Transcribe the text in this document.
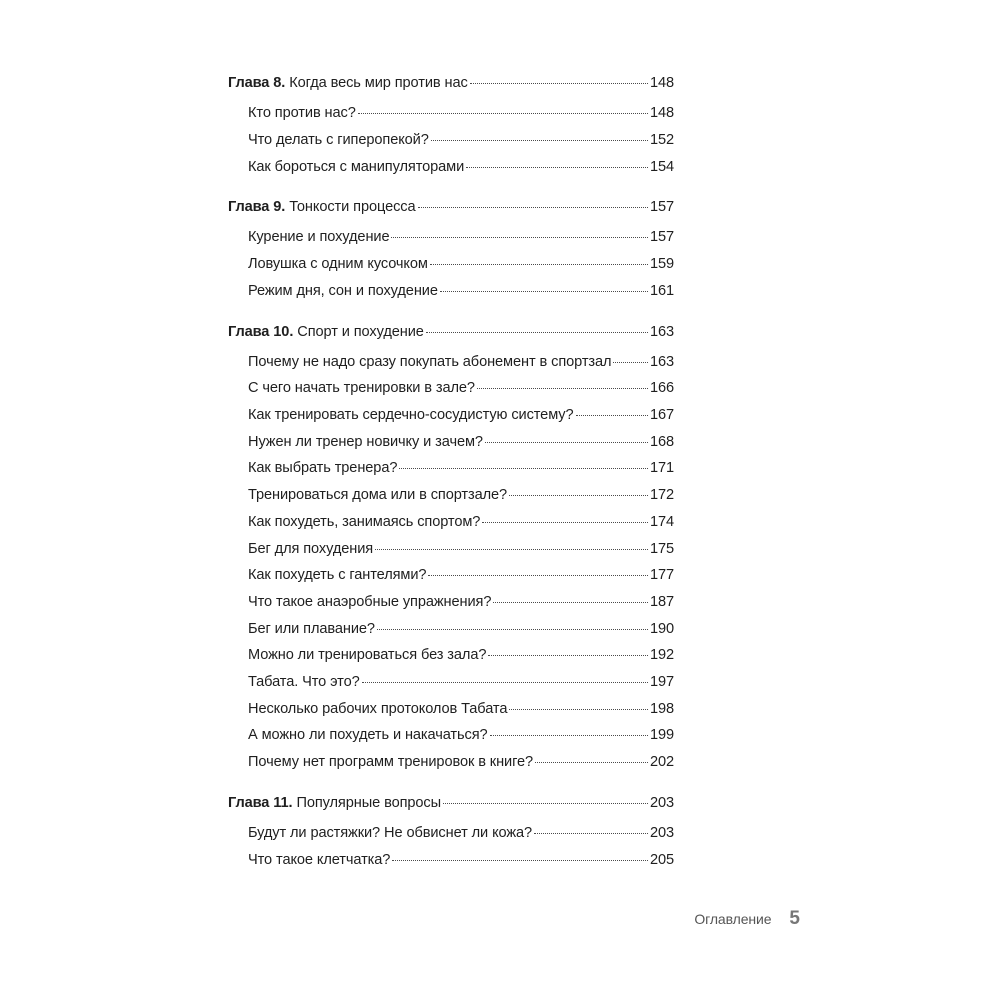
Глава 8. Когда весь мир против нас	148
Кто против нас?	148
Что делать с гиперопекой?	152
Как бороться с манипуляторами	154
Глава 9. Тонкости процесса	157
Курение и похудение	157
Ловушка с одним кусочком	159
Режим дня, сон и похудение	161
Глава 10. Спорт и похудение	163
Почему не надо сразу покупать абонемент в спортзал	163
С чего начать тренировки в зале?	166
Как тренировать сердечно-сосудистую систему?	167
Нужен ли тренер новичку и зачем?	168
Как выбрать тренера?	171
Тренироваться дома или в спортзале?	172
Как похудеть, занимаясь спортом?	174
Бег для похудения	175
Как похудеть с гантелями?	177
Что такое анаэробные упражнения?	187
Бег или плавание?	190
Можно ли тренироваться без зала?	192
Табата. Что это?	197
Несколько рабочих протоколов Табата	198
А можно ли похудеть и накачаться?	199
Почему нет программ тренировок в книге?	202
Глава 11. Популярные вопросы	203
Будут ли растяжки? Не обвиснет ли кожа?	203
Что такое клетчатка?	205
Оглавление 5
